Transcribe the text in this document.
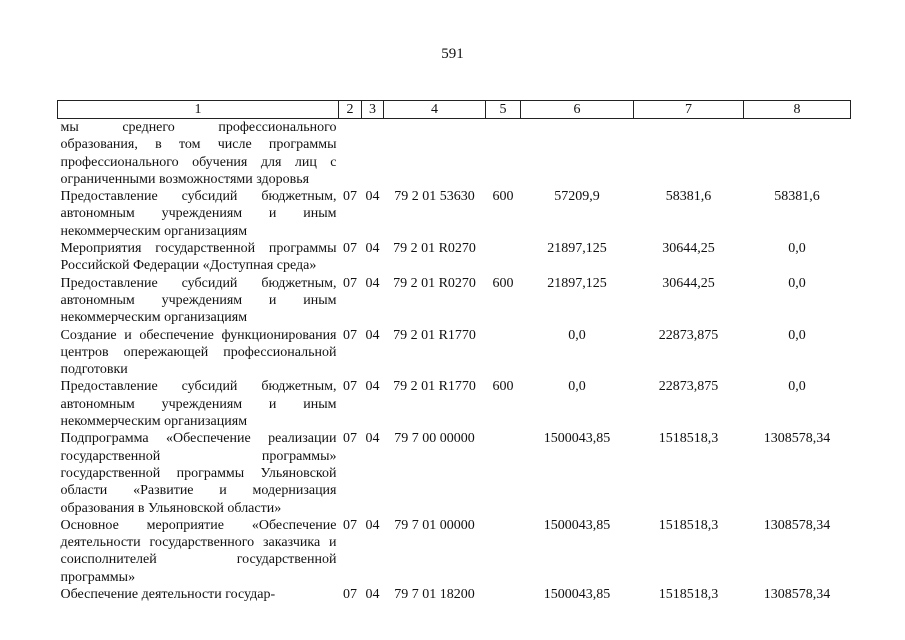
591
1	2	3	4	5	6	7	8
мы среднего профессионального образования, в том числе программы профессионального обучения для лиц с ограниченными возможностями здоровья							
Предоставление субсидий бюджетным, автономным учреждениям и иным некоммерческим организациям	07	04	79 2 01 53630	600	57209,9	58381,6	58381,6
Мероприятия государственной программы Российской Федерации «Доступная среда»	07	04	79 2 01 R0270		21897,125	30644,25	0,0
Предоставление субсидий бюджетным, автономным учреждениям и иным некоммерческим организациям	07	04	79 2 01 R0270	600	21897,125	30644,25	0,0
Создание и обеспечение функционирования центров опережающей профессиональной подготовки	07	04	79 2 01 R1770		0,0	22873,875	0,0
Предоставление субсидий бюджетным, автономным учреждениям и иным некоммерческим организациям	07	04	79 2 01 R1770	600	0,0	22873,875	0,0
Подпрограмма «Обеспечение реализации государственной программы» государственной программы Ульяновской области «Развитие и модернизация образования в Ульяновской области»	07	04	79 7 00 00000		1500043,85	1518518,3	1308578,34
Основное мероприятие «Обеспечение деятельности государственного заказчика и соисполнителей государственной программы»	07	04	79 7 01 00000		1500043,85	1518518,3	1308578,34
Обеспечение деятельности государ-	07	04	79 7 01 18200		1500043,85	1518518,3	1308578,34
